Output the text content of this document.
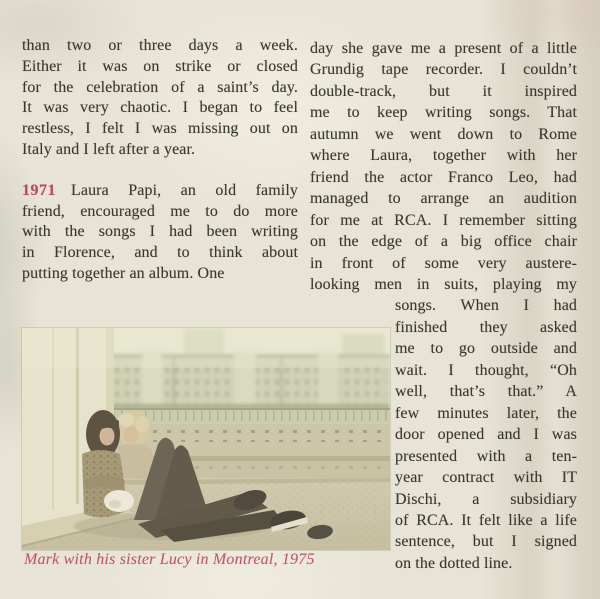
than two or three days a week.
Either it was on strike or closed
for the celebration of a saint’s day.
It was very chaotic. I began to feel
restless, I felt I was missing out on
Italy and I left after a year.
1971 Laura Papi, an old family
friend, encouraged me to do more
with the songs I had been writing
in Florence, and to think about
putting together an album. One
day she gave me a present of a little
Grundig tape recorder. I couldn’t
double-track, but it inspired
me to keep writing songs. That
autumn we went down to Rome
where Laura, together with her
friend the actor Franco Leo, had
managed to arrange an audition
for me at RCA. I remember sitting
on the edge of a big office chair
in front of some very austere-
looking men in suits, playing my
songs. When I had
finished they asked
me to go outside and
wait. I thought, “Oh
well, that’s that.” A
few minutes later, the
door opened and I was
presented with a ten-
year contract with IT
Dischi, a subsidiary
of RCA. It felt like a life
sentence, but I signed
on the dotted line.
Mark with his sister Lucy in Montreal, 1975
